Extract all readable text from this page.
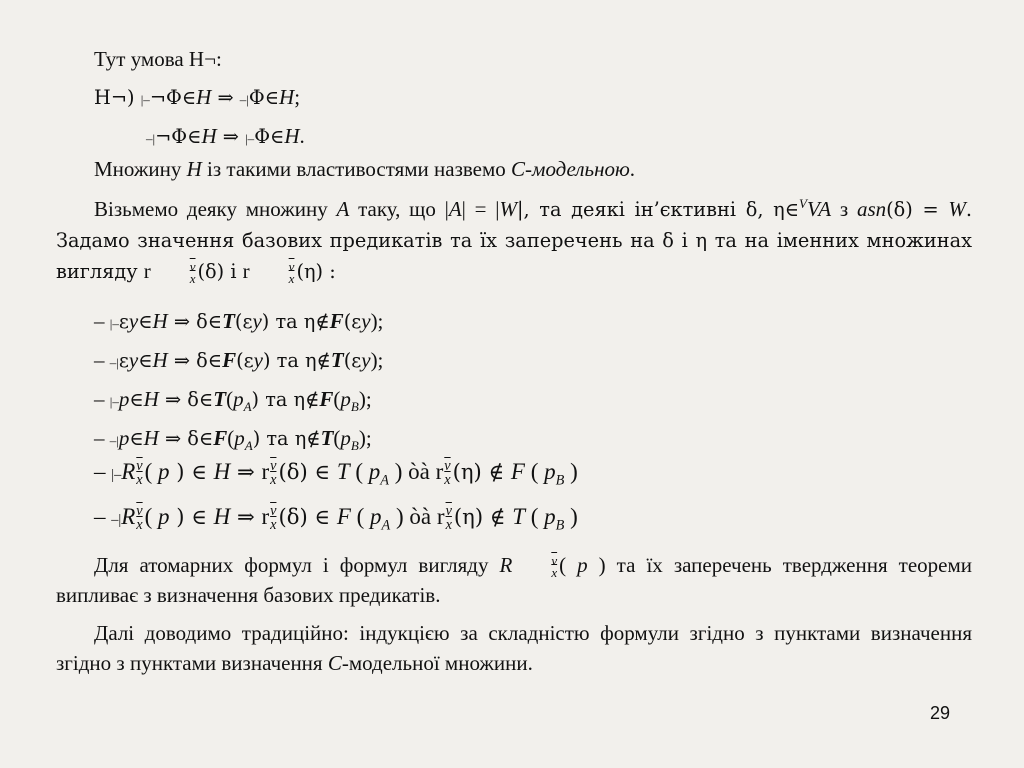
Тут умова Н¬:

Н¬) |–¬Φ∈H ⇒ –|Φ∈H;

–|¬Φ∈H ⇒ |–Φ∈H.

Множину H із такими властивостями назвемо С-модельною.

Візьмемо деяку множину A таку, що |A| = |W|, та деякі ін’єктивні δ, η∈$^V$VA з asn(δ) = W. Задамо значення базових предикатів та їх заперечень на δ і η та на іменних множинах вигляду r $\frac{\overline{v}}{x} (\delta)$ і r $\frac{\overline{v}}{x} (\eta)$ :

– |–εy∈H ⇒ δ∈T(εy) та η∉F(εy);

– –|εy∈H ⇒ δ∈F(εy) та η∉T(εy);

– |–p∈H ⇒ $\delta\in T(p_A)$ та $\eta\notin F(p_B)$;

– –|p∈H ⇒ $\delta\in F(p_A)$ та $\eta\notin T(p_B)$;

– $|-R \frac{\overline{v}}{x}$ ( p ) ∈ H ⇒ r $\frac{\overline{v}}{x} (\delta)$ ∈ T ( $p_A$ ) òà r $\frac{\overline{v}}{x} (\eta)$ ∉ F ( $p_B$ )

– $-|R \frac{\overline{v}}{x}$ ( p ) ∈ H ⇒ r $\frac{\overline{v}}{x} (\delta)$ ∈ F ( $p_A$ ) òà r $\frac{\overline{v}}{x} (\eta)$ ∉ T ( $p_B$ )

Для атомарних формул і формул вигляду R $\frac{\overline{v}}{x}$ ( p ) та їх заперечень твердження теореми випливає з визначення базових предикатів.

Далі доводимо традиційно: індукцією за складністю формули згідно з пунктами визначення згідно з пунктами визначення С-модельної множини.

29
